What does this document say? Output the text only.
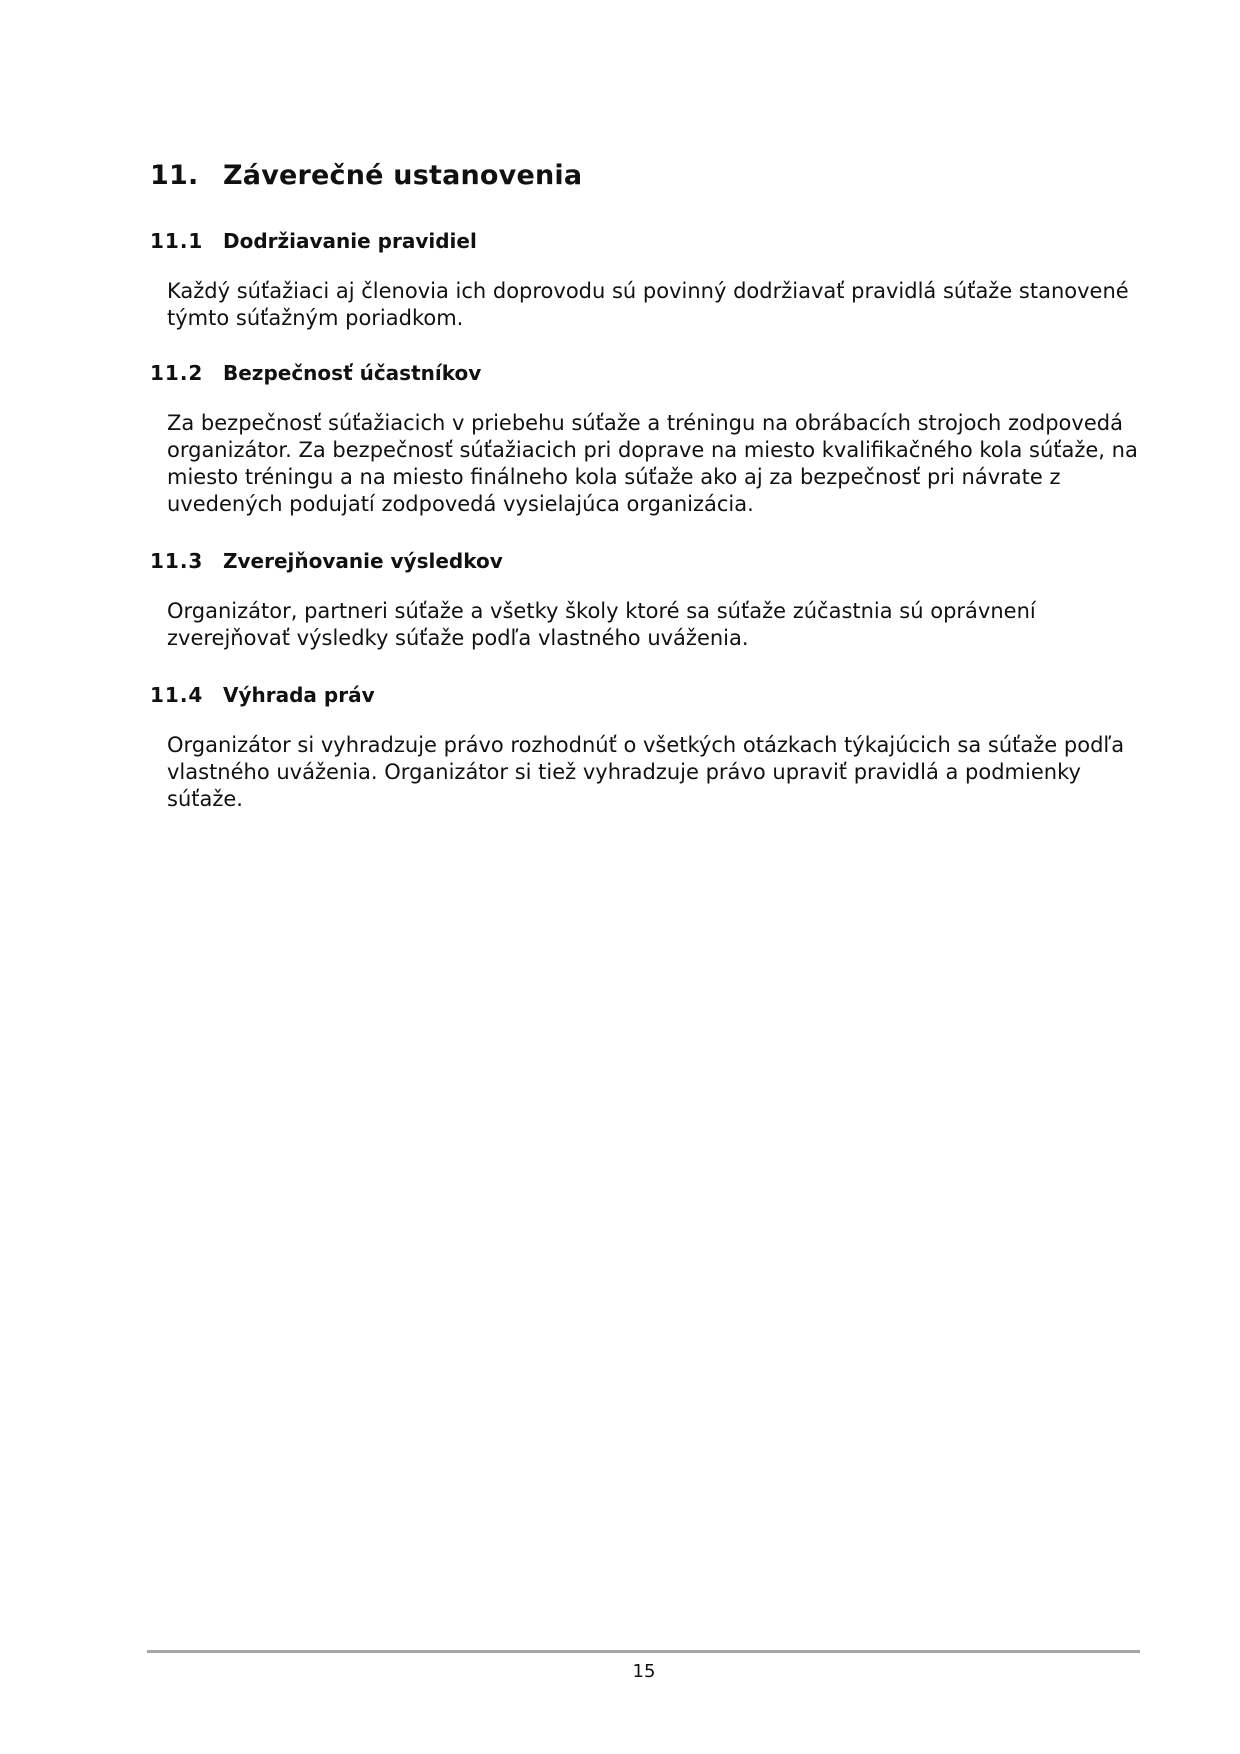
11. Záverečné ustanovenia
11.1 Dodržiavanie pravidiel

Každý súťažiaci aj členovia ich doprovodu sú povinný dodržiavať pravidlá súťaže stanovené týmto súťažným poriadkom.

11.2 Bezpečnosť účastníkov

Za bezpečnosť súťažiacich v priebehu súťaže a tréningu na obrábacích strojoch zodpovedá organizátor. Za bezpečnosť súťažiacich pri doprave na miesto kvalifikačného kola súťaže, na miesto tréningu a na miesto finálneho kola súťaže ako aj za bezpečnosť pri návrate z uvedených podujatí zodpovedá vysielajúca organizácia.

11.3 Zverejňovanie výsledkov

Organizátor, partneri súťaže a všetky školy ktoré sa súťaže zúčastnia sú oprávnení zverejňovať výsledky súťaže podľa vlastného uváženia.

11.4 Výhrada práv

Organizátor si vyhradzuje právo rozhodnúť o všetkých otázkach týkajúcich sa súťaže podľa vlastného uváženia. Organizátor si tiež vyhradzuje právo upraviť pravidlá a podmienky súťaže.

15
